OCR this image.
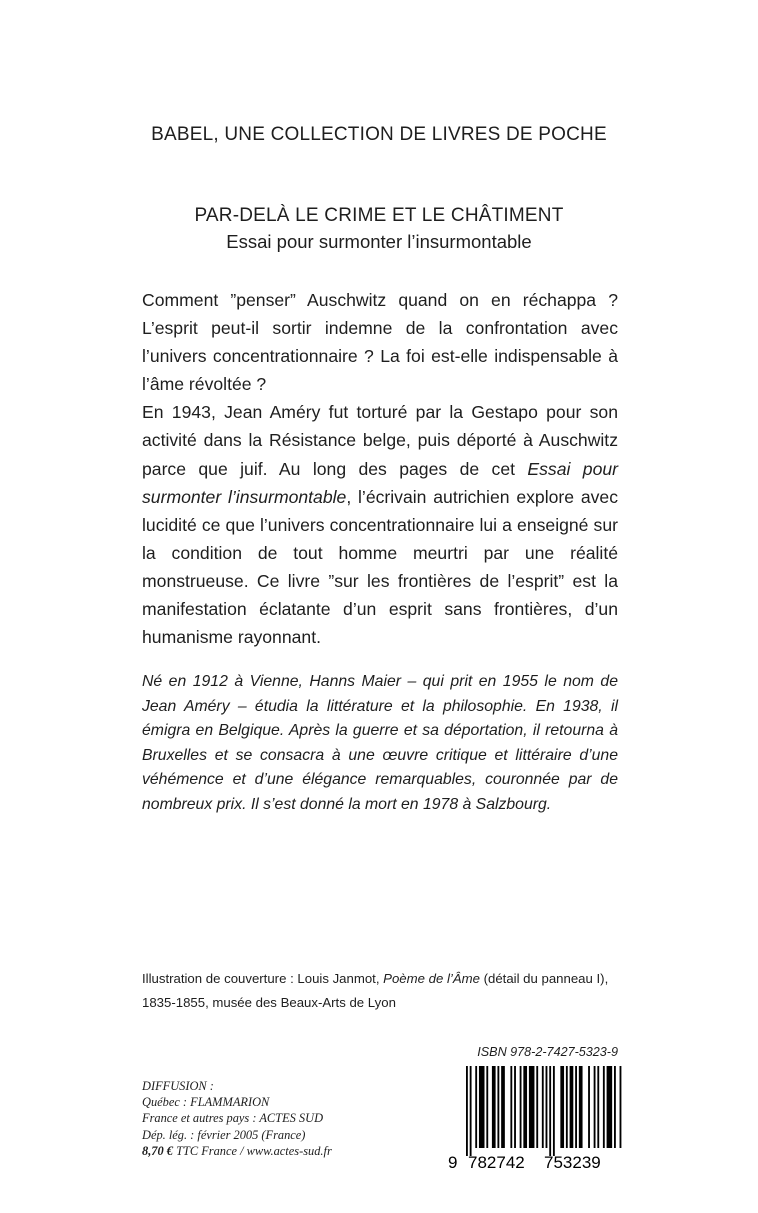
BABEL, UNE COLLECTION DE LIVRES DE POCHE
PAR-DELÀ LE CRIME ET LE CHÂTIMENT
Essai pour surmonter l’insurmontable

Comment ”penser” Auschwitz quand on en réchappa ? L’esprit peut-il sortir indemne de la confrontation avec l’univers concentrationnaire ? La foi est-elle indispensable à l’âme révoltée ?

En 1943, Jean Améry fut torturé par la Gestapo pour son activité dans la Résistance belge, puis déporté à Auschwitz parce que juif. Au long des pages de cet Essai pour surmonter l’insurmontable, l’écrivain autrichien explore avec lucidité ce que l’univers concentrationnaire lui a enseigné sur la condition de tout homme meurtri par une réalité monstrueuse. Ce livre ”sur les frontières de l’esprit” est la manifestation éclatante d’un esprit sans frontières, d’un humanisme rayonnant.

Né en 1912 à Vienne, Hanns Maier – qui prit en 1955 le nom de Jean Améry – étudia la littérature et la philosophie. En 1938, il émigra en Belgique. Après la guerre et sa déportation, il retourna à Bruxelles et se consacra à une œuvre critique et littéraire d’une véhémence et d’une élégance remarquables, couronnée par de nombreux prix. Il s’est donné la mort en 1978 à Salzbourg.
Illustration de couverture : Louis Janmot, Poème de l’Âme (détail du panneau I),
1835-1855, musée des Beaux-Arts de Lyon
ISBN 978-2-7427-5323-9
DIFFUSION :
Québec : FLAMMARION
France et autres pays : ACTES SUD
Dép. lég. : février 2005 (France)
8,70 € TTC France / www.actes-sud.fr
9 782742 753239
